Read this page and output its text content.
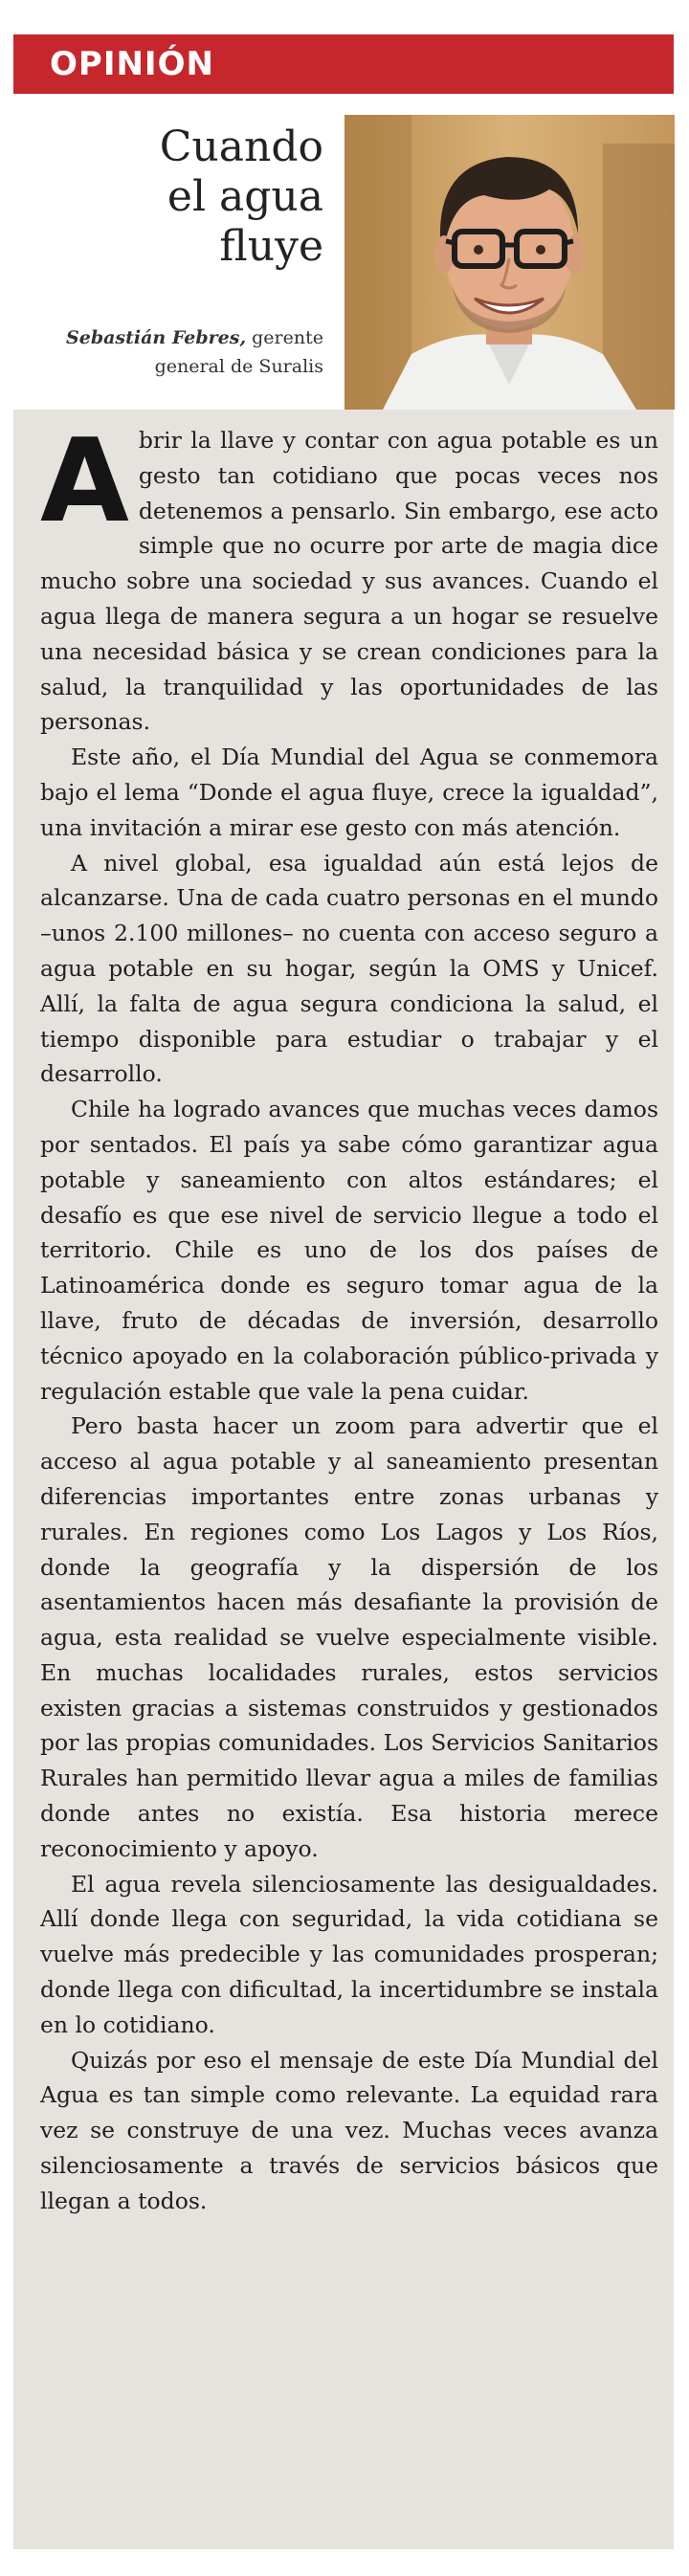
OPINIÓN
Cuando
el agua
fluye
Sebastián Febres, gerente
general de Suralis

Abrir la llave y contar con agua potable es un gesto tan cotidiano que pocas veces nos detenemos a pensarlo. Sin embargo, ese acto simple que no ocurre por arte de magia dice mucho sobre una sociedad y sus avances. Cuando el agua llega de manera segura a un hogar se resuelve una necesidad básica y se crean condiciones para la salud, la tranquilidad y las oportunidades de las personas.

Este año, el Día Mundial del Agua se conmemora bajo el lema “Donde el agua fluye, crece la igualdad”, una invitación a mirar ese gesto con más atención.

A nivel global, esa igualdad aún está lejos de alcanzarse. Una de cada cuatro personas en el mundo –unos 2.100 millones– no cuenta con acceso seguro a agua potable en su hogar, según la OMS y Unicef. Allí, la falta de agua segura condiciona la salud, el tiempo disponible para estudiar o trabajar y el desarrollo.

Chile ha logrado avances que muchas veces damos por sentados. El país ya sabe cómo garantizar agua potable y saneamiento con altos estándares; el desafío es que ese nivel de servicio llegue a todo el territorio. Chile es uno de los dos países de Latinoamérica donde es seguro tomar agua de la llave, fruto de décadas de inversión, desarrollo técnico apoyado en la colaboración público-privada y regulación estable que vale la pena cuidar.

Pero basta hacer un zoom para advertir que el acceso al agua potable y al saneamiento presentan diferencias importantes entre zonas urbanas y rurales. En regiones como Los Lagos y Los Ríos, donde la geografía y la dispersión de los asentamientos hacen más desafiante la provisión de agua, esta realidad se vuelve especialmente visible. En muchas localidades rurales, estos servicios existen gracias a sistemas construidos y gestionados por las propias comunidades. Los Servicios Sanitarios Rurales han permitido llevar agua a miles de familias donde antes no existía. Esa historia merece reconocimiento y apoyo.

El agua revela silenciosamente las desigualdades. Allí donde llega con seguridad, la vida cotidiana se vuelve más predecible y las comunidades prosperan; donde llega con dificultad, la incertidumbre se instala en lo cotidiano.

Quizás por eso el mensaje de este Día Mundial del Agua es tan simple como relevante. La equidad rara vez se construye de una vez. Muchas veces avanza silenciosamente a través de servicios básicos que llegan a todos.
